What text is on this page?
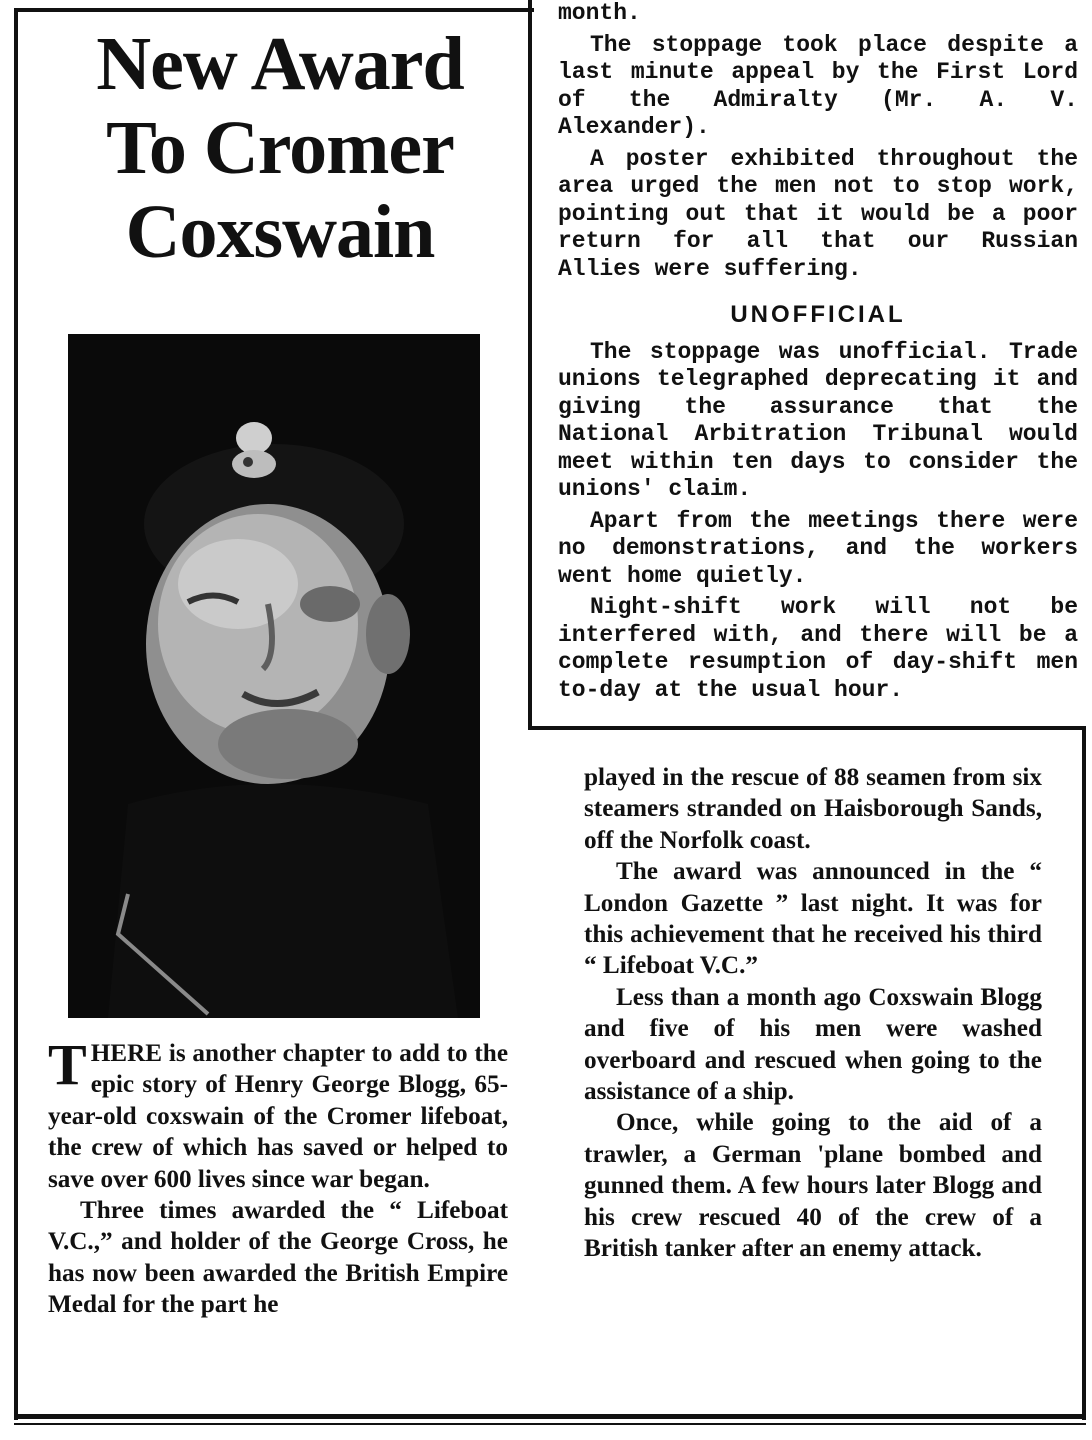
New Award
To Cromer
Coxswain

THERE is another chapter to add to the epic story of Henry George Blogg, 65-year-old coxswain of the Cromer lifeboat, the crew of which has saved or helped to save over 600 lives since war began.

Three times awarded the “ Lifeboat V.C.,” and holder of the George Cross, he has now been awarded the British Empire Medal for the part he

month.

The stoppage took place despite a last minute appeal by the First Lord of the Admiralty (Mr. A. V. Alexander).

A poster exhibited throughout the area urged the men not to stop work, pointing out that it would be a poor return for all that our Russian Allies were suffering.

UNOFFICIAL

The stoppage was unofficial. Trade unions telegraphed deprecating it and giving the assurance that the National Arbitration Tribunal would meet within ten days to consider the unions' claim.

Apart from the meetings there were no demonstrations, and the workers went home quietly.

Night-shift work will not be interfered with, and there will be a complete resumption of day-shift men to-day at the usual hour.

played in the rescue of 88 seamen from six steamers stranded on Haisborough Sands, off the Norfolk coast.

The award was announced in the “ London Gazette ” last night. It was for this achievement that he received his third “ Lifeboat V.C.”

Less than a month ago Coxswain Blogg and five of his men were washed overboard and rescued when going to the assistance of a ship.

Once, while going to the aid of a trawler, a German 'plane bombed and gunned them. A few hours later Blogg and his crew rescued 40 of the crew of a British tanker after an enemy attack.
